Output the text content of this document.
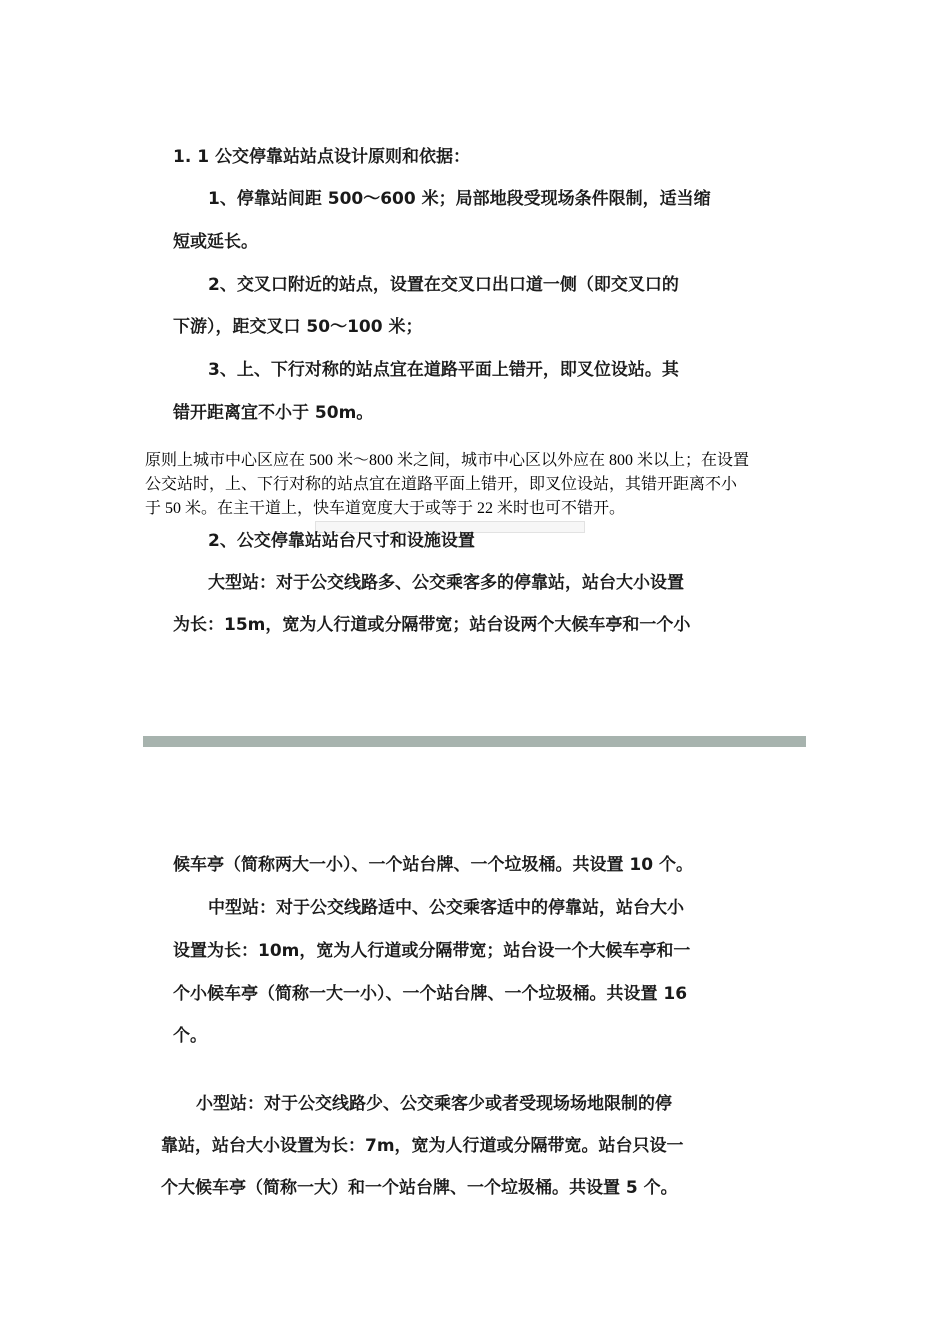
1. 1 公交停靠站站点设计原则和依据：
1、停靠站间距 500～600 米；局部地段受现场条件限制，适当缩
短或延长。
2、交叉口附近的站点，设置在交叉口出口道一侧（即交叉口的
下游），距交叉口 50～100 米；
3、上、下行对称的站点宜在道路平面上错开，即叉位设站。其
错开距离宜不小于 50m。
原则上城市中心区应在 500 米～800 米之间，城市中心区以外应在 800 米以上；在设置
公交站时，上、下行对称的站点宜在道路平面上错开，即叉位设站，其错开距离不小
于 50 米。在主干道上，快车道宽度大于或等于 22 米时也可不错开。
2、公交停靠站站台尺寸和设施设置
大型站：对于公交线路多、公交乘客多的停靠站，站台大小设置
为长：15m，宽为人行道或分隔带宽；站台设两个大候车亭和一个小
候车亭（简称两大一小）、一个站台牌、一个垃圾桶。共设置 10 个。
中型站：对于公交线路适中、公交乘客适中的停靠站，站台大小
设置为长：10m，宽为人行道或分隔带宽；站台设一个大候车亭和一
个小候车亭（简称一大一小）、一个站台牌、一个垃圾桶。共设置 16
个。
小型站：对于公交线路少、公交乘客少或者受现场场地限制的停
靠站，站台大小设置为长：7m，宽为人行道或分隔带宽。站台只设一
个大候车亭（简称一大）和一个站台牌、一个垃圾桶。共设置 5 个。
